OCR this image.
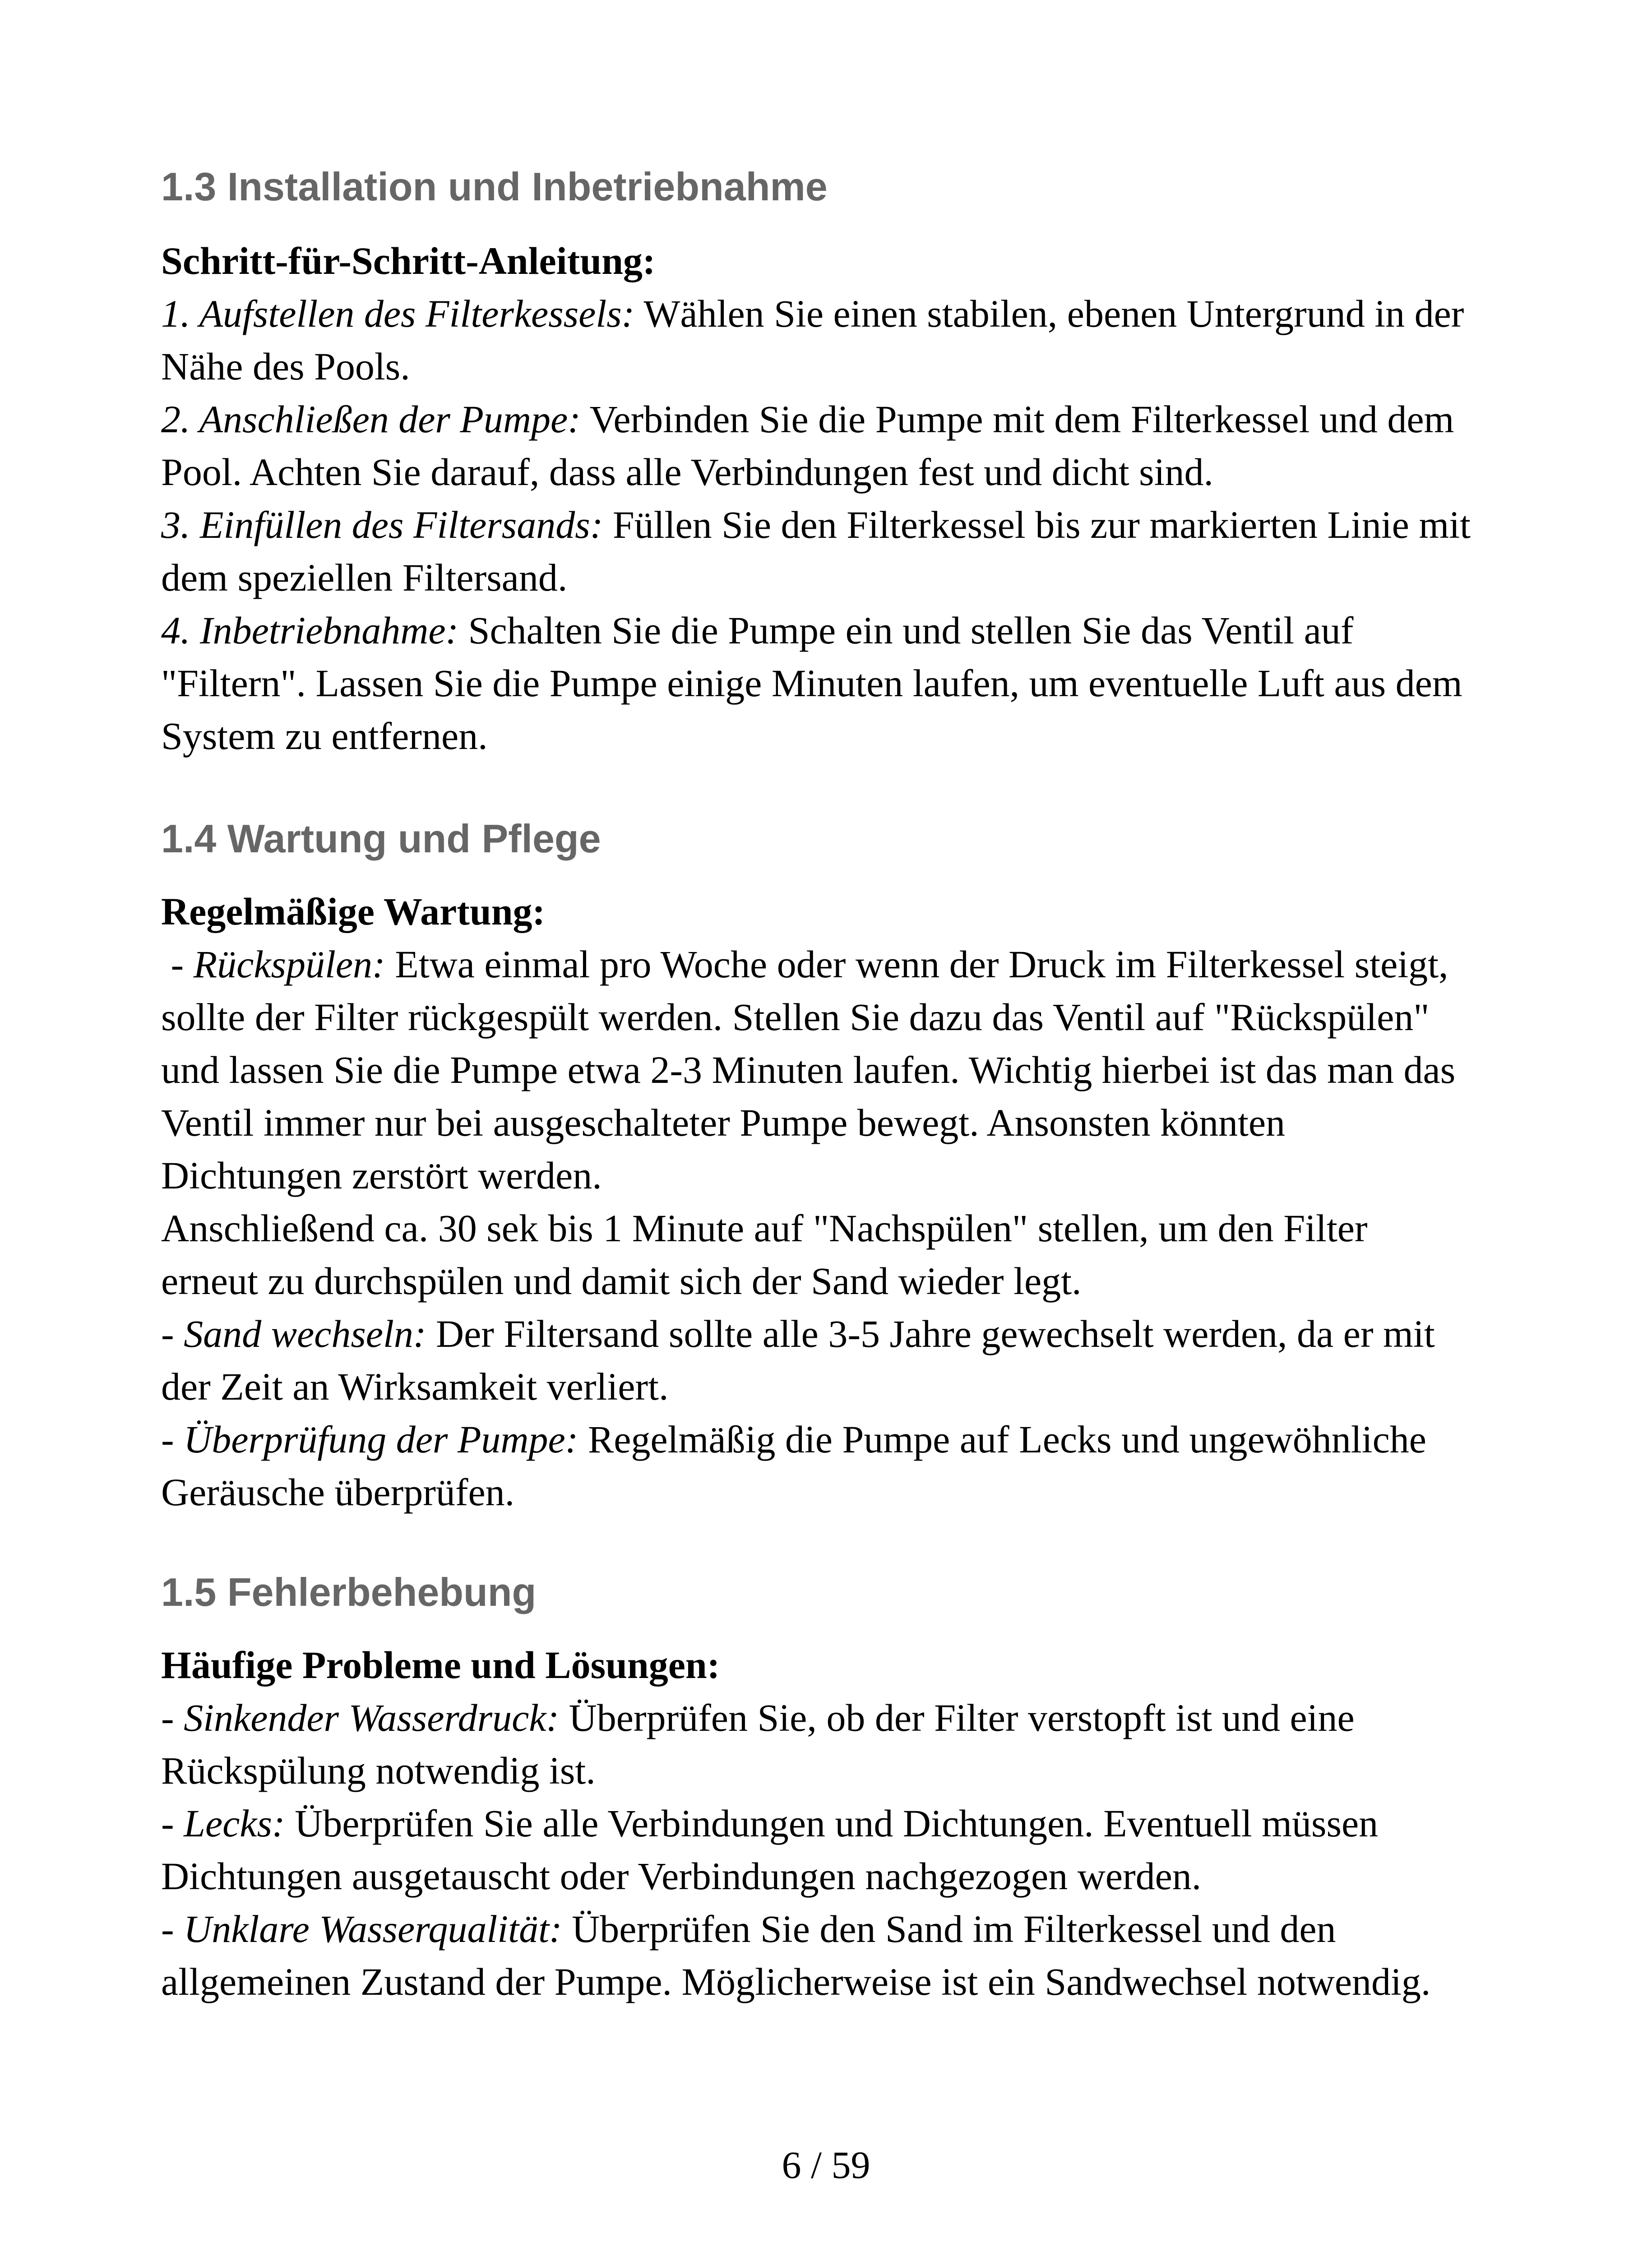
1.3 Installation und Inbetriebnahme
Schritt-für-Schritt-Anleitung:
1. Aufstellen des Filterkessels: Wählen Sie einen stabilen, ebenen Untergrund in der
Nähe des Pools.
2. Anschließen der Pumpe: Verbinden Sie die Pumpe mit dem Filterkessel und dem
Pool. Achten Sie darauf, dass alle Verbindungen fest und dicht sind.
3. Einfüllen des Filtersands: Füllen Sie den Filterkessel bis zur markierten Linie mit
dem speziellen Filtersand.
4. Inbetriebnahme: Schalten Sie die Pumpe ein und stellen Sie das Ventil auf
"Filtern". Lassen Sie die Pumpe einige Minuten laufen, um eventuelle Luft aus dem
System zu entfernen.
1.4 Wartung und Pflege
Regelmäßige Wartung:
- Rückspülen: Etwa einmal pro Woche oder wenn der Druck im Filterkessel steigt,
sollte der Filter rückgespült werden. Stellen Sie dazu das Ventil auf "Rückspülen"
und lassen Sie die Pumpe etwa 2-3 Minuten laufen. Wichtig hierbei ist das man das
Ventil immer nur bei ausgeschalteter Pumpe bewegt. Ansonsten könnten
Dichtungen zerstört werden.
Anschließend ca. 30 sek bis 1 Minute auf "Nachspülen" stellen, um den Filter
erneut zu durchspülen und damit sich der Sand wieder legt.
- Sand wechseln: Der Filtersand sollte alle 3-5 Jahre gewechselt werden, da er mit
der Zeit an Wirksamkeit verliert.
- Überprüfung der Pumpe: Regelmäßig die Pumpe auf Lecks und ungewöhnliche
Geräusche überprüfen.
1.5 Fehlerbehebung
Häufige Probleme und Lösungen:
- Sinkender Wasserdruck: Überprüfen Sie, ob der Filter verstopft ist und eine
Rückspülung notwendig ist.
- Lecks: Überprüfen Sie alle Verbindungen und Dichtungen. Eventuell müssen
Dichtungen ausgetauscht oder Verbindungen nachgezogen werden.
- Unklare Wasserqualität: Überprüfen Sie den Sand im Filterkessel und den
allgemeinen Zustand der Pumpe. Möglicherweise ist ein Sandwechsel notwendig.
6 / 59
